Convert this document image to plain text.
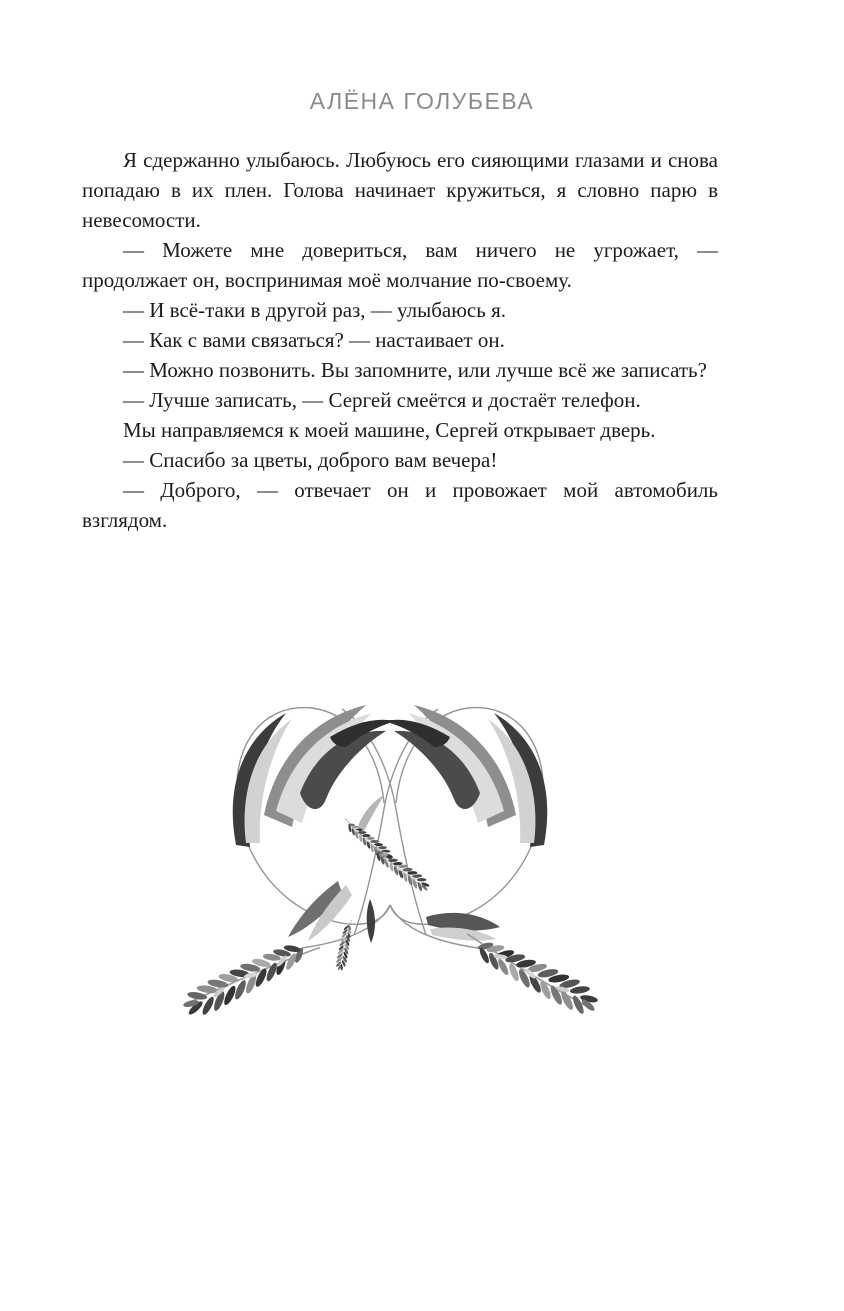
АЛЁНА ГОЛУБЕВА

Я сдержанно улыбаюсь. Любуюсь его сияющими глазами и снова попадаю в их плен. Голова начинает кружиться, я словно парю в невесомости.

— Можете мне довериться, вам ничего не угрожает, — продолжает он, воспринимая моё молчание по-своему.

— И всё-таки в другой раз, — улыбаюсь я.

— Как с вами связаться? — настаивает он.

— Можно позвонить. Вы запомните, или лучше всё же записать?

— Лучше записать, — Сергей смеётся и достаёт телефон.

Мы направляемся к моей машине, Сергей открывает дверь.

— Спасибо за цветы, доброго вам вечера!

— Доброго, — отвечает он и провожает мой автомобиль взглядом.
